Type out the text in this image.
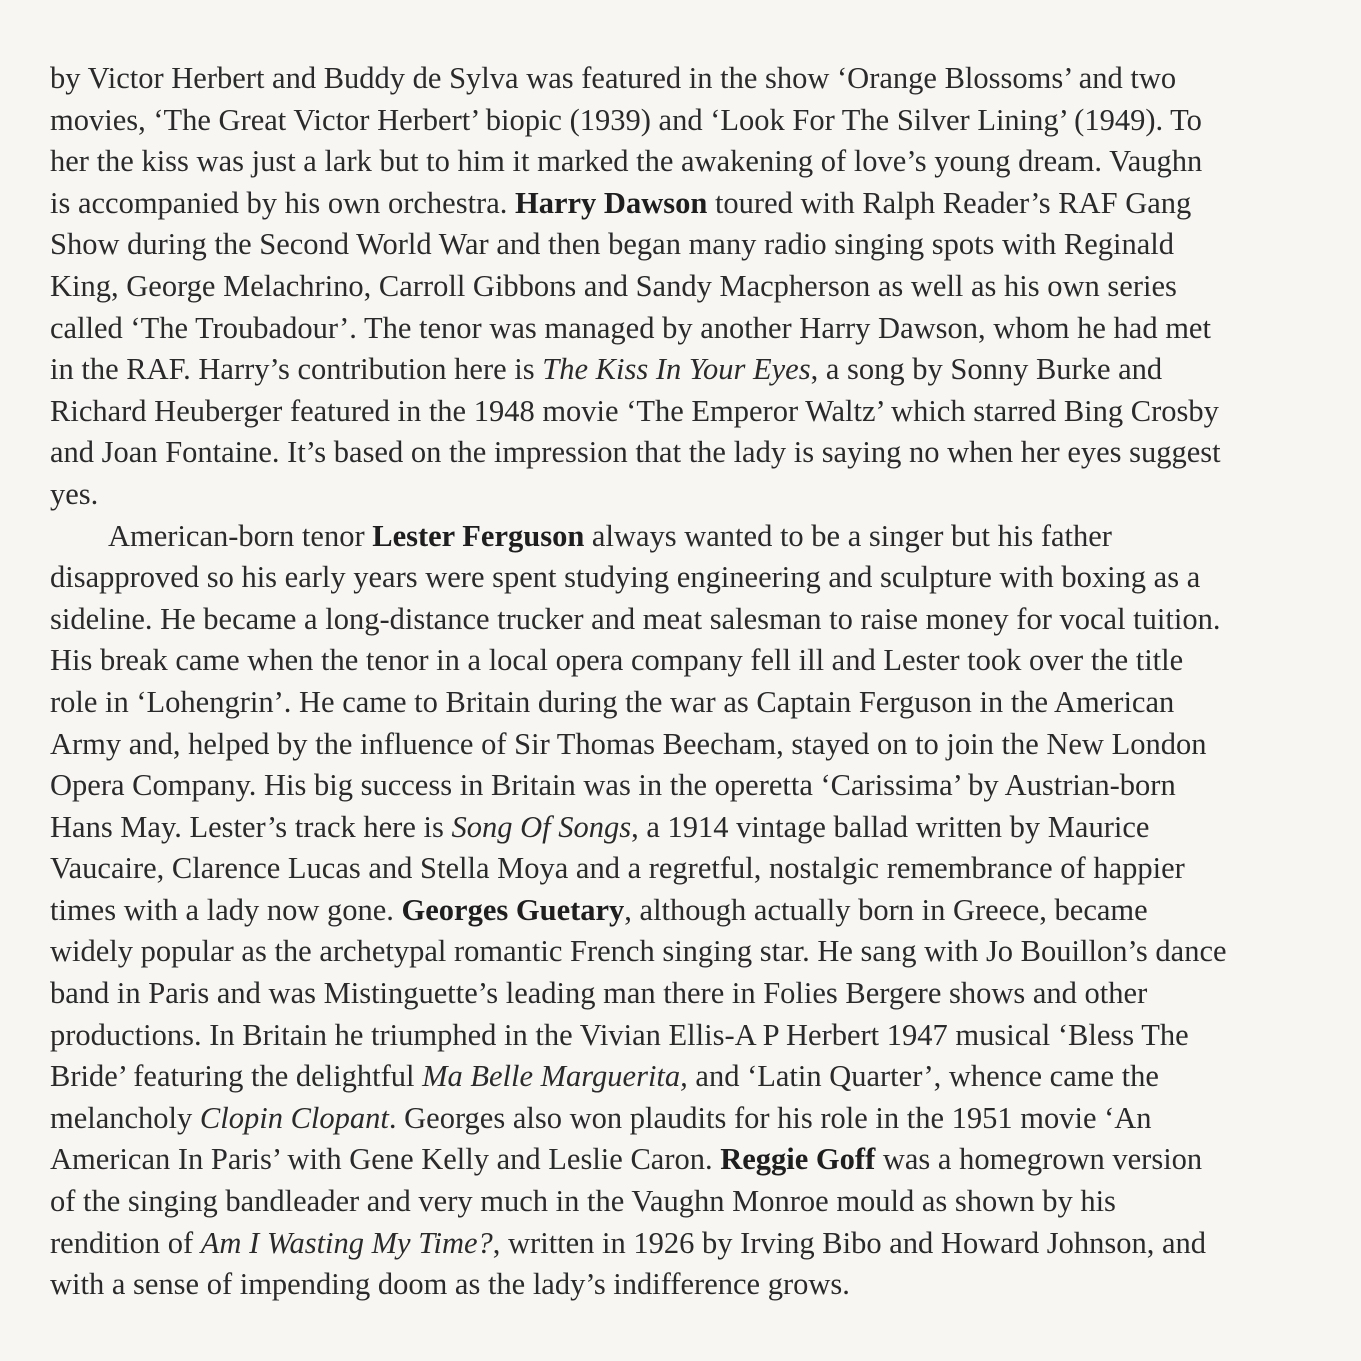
by Victor Herbert and Buddy de Sylva was featured in the show ‘Orange Blossoms’ and two
movies, ‘The Great Victor Herbert’ biopic (1939) and ‘Look For The Silver Lining’ (1949). To
her the kiss was just a lark but to him it marked the awakening of love’s young dream. Vaughn
is accompanied by his own orchestra. Harry Dawson toured with Ralph Reader’s RAF Gang
Show during the Second World War and then began many radio singing spots with Reginald
King, George Melachrino, Carroll Gibbons and Sandy Macpherson as well as his own series
called ‘The Troubadour’. The tenor was managed by another Harry Dawson, whom he had met
in the RAF. Harry’s contribution here is The Kiss In Your Eyes, a song by Sonny Burke and
Richard Heuberger featured in the 1948 movie ‘The Emperor Waltz’ which starred Bing Crosby
and Joan Fontaine. It’s based on the impression that the lady is saying no when her eyes suggest
yes.
American-born tenor Lester Ferguson always wanted to be a singer but his father
disapproved so his early years were spent studying engineering and sculpture with boxing as a
sideline. He became a long-distance trucker and meat salesman to raise money for vocal tuition.
His break came when the tenor in a local opera company fell ill and Lester took over the title
role in ‘Lohengrin’. He came to Britain during the war as Captain Ferguson in the American
Army and, helped by the influence of Sir Thomas Beecham, stayed on to join the New London
Opera Company. His big success in Britain was in the operetta ‘Carissima’ by Austrian-born
Hans May. Lester’s track here is Song Of Songs, a 1914 vintage ballad written by Maurice
Vaucaire, Clarence Lucas and Stella Moya and a regretful, nostalgic remembrance of happier
times with a lady now gone. Georges Guetary, although actually born in Greece, became
widely popular as the archetypal romantic French singing star. He sang with Jo Bouillon’s dance
band in Paris and was Mistinguette’s leading man there in Folies Bergere shows and other
productions. In Britain he triumphed in the Vivian Ellis-A P Herbert 1947 musical ‘Bless The
Bride’ featuring the delightful Ma Belle Marguerita, and ‘Latin Quarter’, whence came the
melancholy Clopin Clopant. Georges also won plaudits for his role in the 1951 movie ‘An
American In Paris’ with Gene Kelly and Leslie Caron. Reggie Goff was a homegrown version
of the singing bandleader and very much in the Vaughn Monroe mould as shown by his
rendition of Am I Wasting My Time?, written in 1926 by Irving Bibo and Howard Johnson, and
with a sense of impending doom as the lady’s indifference grows.
